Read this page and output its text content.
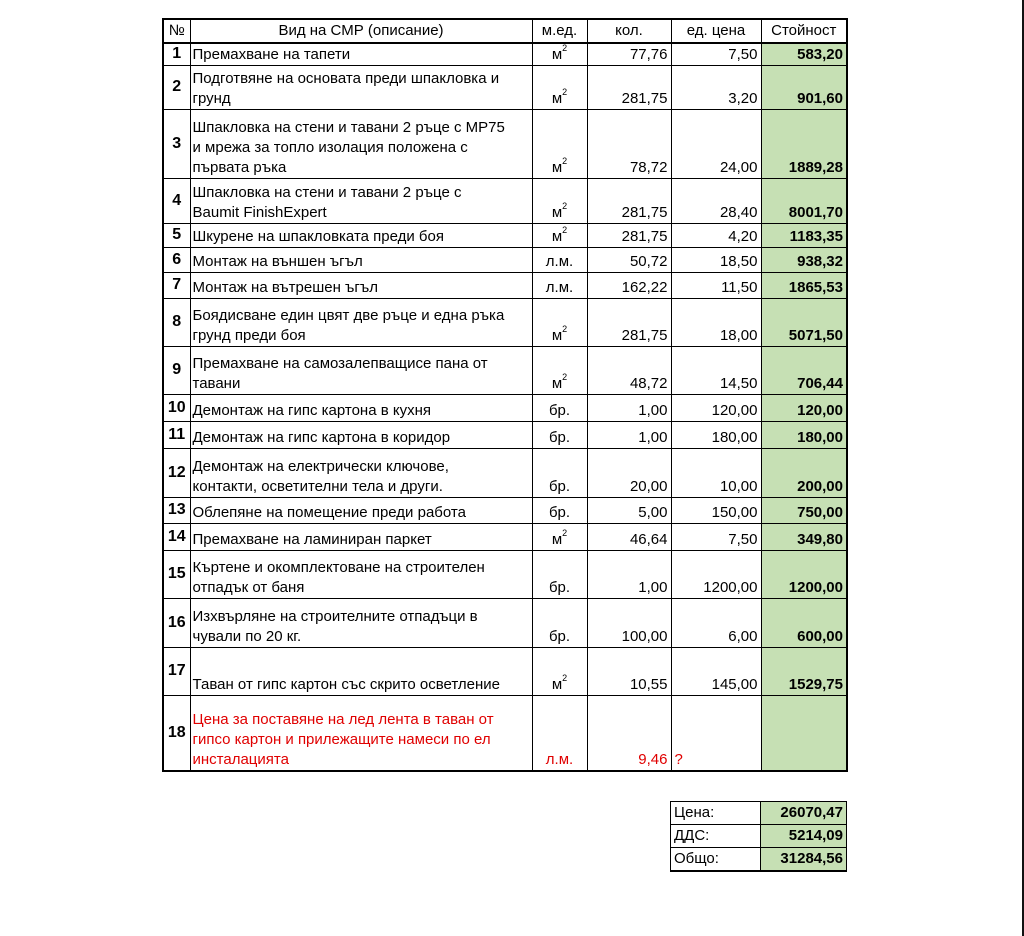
№	Вид на СМР (описание)	м.ед.	кол.	ед. цена	Стойност
1	Премахване на тапети	$м^2$	77,76	7,50	583,20
2	Подготвяне на основата преди шпакловка и
грунд	$м^2$	281,75	3,20	901,60
3	Шпакловка на стени и тавани 2 ръце с MP75
и мрежа за топло изолация положена с
първата ръка	$м^2$	78,72	24,00	1889,28
4	Шпакловка на стени и тавани 2 ръце с
Baumit FinishExpert	$м^2$	281,75	28,40	8001,70
5	Шкурене на шпакловката преди боя	$м^2$	281,75	4,20	1183,35
6	Монтаж на външен ъгъл	л.м.	50,72	18,50	938,32
7	Монтаж на вътрешен ъгъл	л.м.	162,22	11,50	1865,53
8	Боядисване един цвят две ръце и една ръка
грунд преди боя	$м^2$	281,75	18,00	5071,50
9	Премахване на самозалепващисе пана от
тавани	$м^2$	48,72	14,50	706,44
10	Демонтаж на гипс картона в кухня	бр.	1,00	120,00	120,00
11	Демонтаж на гипс картона в коридор	бр.	1,00	180,00	180,00
12	Демонтаж на електрически ключове,
контакти, осветителни тела и други.	бр.	20,00	10,00	200,00
13	Облепяне на помещение преди работа	бр.	5,00	150,00	750,00
14	Премахване на ламиниран паркет	$м^2$	46,64	7,50	349,80
15	Къртене и окомплектоване на строителен
отпадък от баня	бр.	1,00	1200,00	1200,00
16	Изхвърляне на строителните отпадъци в
чували по 20 кг.	бр.	100,00	6,00	600,00
17	Таван от гипс картон със скрито осветление	$м^2$	10,55	145,00	1529,75
18	Цена за поставяне на лед лента в таван от
гипсо картон и прилежащите намеси по ел
инсталацията	л.м.	9,46	?	
Цена:	26070,47
ДДС:	5214,09
Общо:	31284,56
